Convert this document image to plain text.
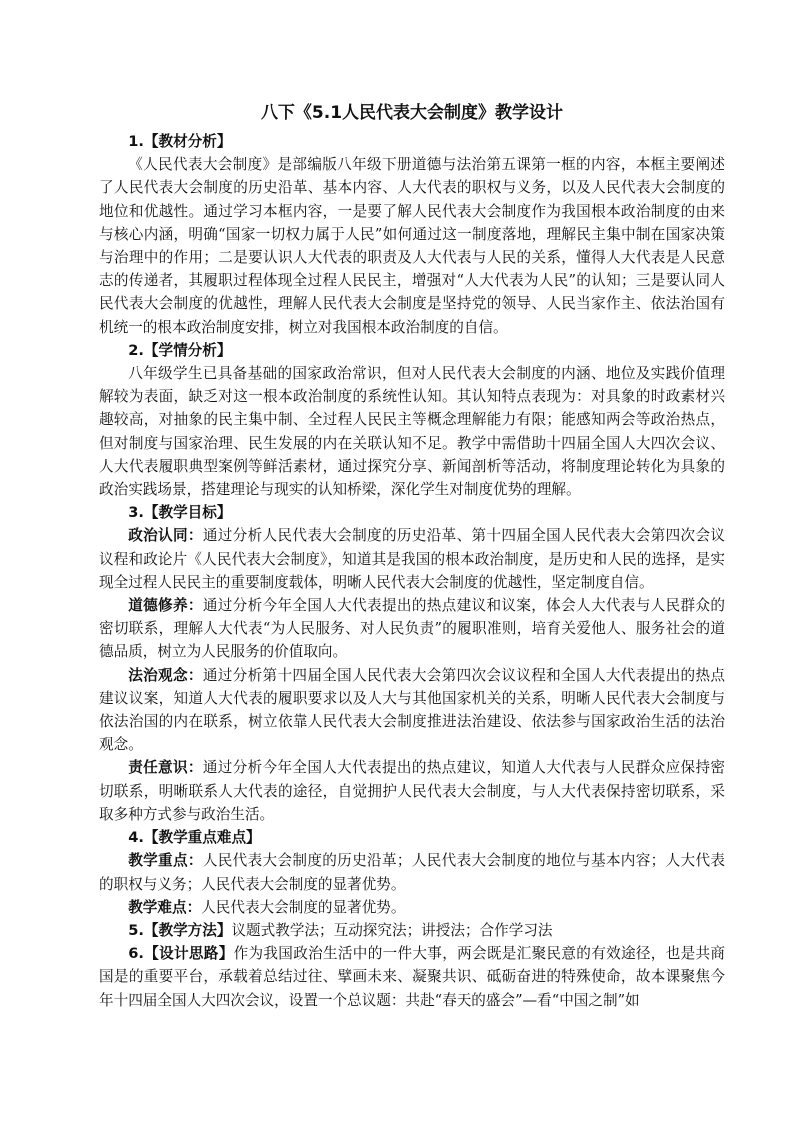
八下《5.1人民代表大会制度》教学设计

1.【教材分析】

《人民代表大会制度》是部编版八年级下册道德与法治第五课第一框的内容，本框主要阐述了人民代表大会制度的历史沿革、基本内容、人大代表的职权与义务，以及人民代表大会制度的地位和优越性。通过学习本框内容，一是要了解人民代表大会制度作为我国根本政治制度的由来与核心内涵，明确“国家一切权力属于人民”如何通过这一制度落地，理解民主集中制在国家决策与治理中的作用；二是要认识人大代表的职责及人大代表与人民的关系，懂得人大代表是人民意志的传递者，其履职过程体现全过程人民民主，增强对“人大代表为人民”的认知；三是要认同人民代表大会制度的优越性，理解人民代表大会制度是坚持党的领导、人民当家作主、依法治国有机统一的根本政治制度安排，树立对我国根本政治制度的自信。

2.【学情分析】

八年级学生已具备基础的国家政治常识，但对人民代表大会制度的内涵、地位及实践价值理解较为表面，缺乏对这一根本政治制度的系统性认知。其认知特点表现为：对具象的时政素材兴趣较高，对抽象的民主集中制、全过程人民民主等概念理解能力有限；能感知两会等政治热点，但对制度与国家治理、民生发展的内在关联认知不足。教学中需借助十四届全国人大四次会议、人大代表履职典型案例等鲜活素材，通过探究分享、新闻剖析等活动，将制度理论转化为具象的政治实践场景，搭建理论与现实的认知桥梁，深化学生对制度优势的理解。

3.【教学目标】

政治认同：通过分析人民代表大会制度的历史沿革、第十四届全国人民代表大会第四次会议议程和政论片《人民代表大会制度》，知道其是我国的根本政治制度，是历史和人民的选择，是实现全过程人民民主的重要制度载体，明晰人民代表大会制度的优越性，坚定制度自信。

道德修养：通过分析今年全国人大代表提出的热点建议和议案，体会人大代表与人民群众的密切联系，理解人大代表“为人民服务、对人民负责”的履职准则，培育关爱他人、服务社会的道德品质，树立为人民服务的价值取向。

法治观念：通过分析第十四届全国人民代表大会第四次会议议程和全国人大代表提出的热点建议议案，知道人大代表的履职要求以及人大与其他国家机关的关系，明晰人民代表大会制度与依法治国的内在联系，树立依靠人民代表大会制度推进法治建设、依法参与国家政治生活的法治观念。

责任意识：通过分析今年全国人大代表提出的热点建议，知道人大代表与人民群众应保持密切联系，明晰联系人大代表的途径，自觉拥护人民代表大会制度，与人大代表保持密切联系，采取多种方式参与政治生活。

4.【教学重点难点】

教学重点：人民代表大会制度的历史沿革；人民代表大会制度的地位与基本内容；人大代表的职权与义务；人民代表大会制度的显著优势。

教学难点：人民代表大会制度的显著优势。

5.【教学方法】议题式教学法；互动探究法；讲授法；合作学习法

6.【设计思路】作为我国政治生活中的一件大事，两会既是汇聚民意的有效途径，也是共商国是的重要平台，承载着总结过往、擘画未来、凝聚共识、砥砺奋进的特殊使命，故本课聚焦今年十四届全国人大四次会议，设置一个总议题：共赴“春天的盛会”—看“中国之制”如
